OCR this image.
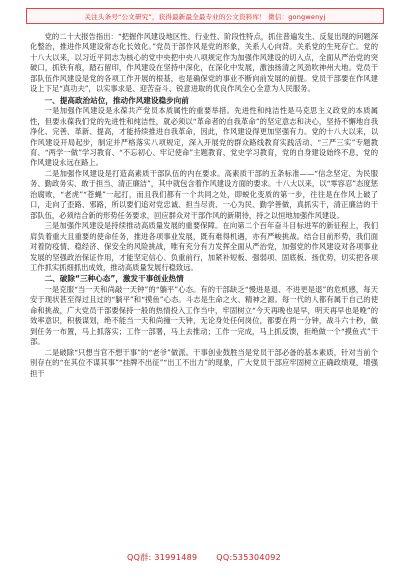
关注头条号“公文研究”，获得最新最全最专业的公文资料库！ 微信：gongwenyj

党的二十大报告指出：“把握作风建设地区性、行业性、阶段性特点，抓住普遍发生、反复出现的问题深化整治，推进作风建设常态化长效化。”党员干部作风是党的形象，关系人心向背。关系党的生死存亡。党的十八大以来，以习近平同志为核心的党中央把中央八项规定作为加强作风建设的切入点，全面从严治党的突破口，抓铁有痕，踏石留印，作风建设在坚持中深化，在深化中发展，激浊扬清之风劲吹神州大地。党员干部队伍作风建设是党的各项工作开展的根基，也是确保党的事业不断向前发展的前提。党员干部要在作风建设上下足“真功夫”，以实事求是、迎苦奋斗、锐意进取的优良作风全心全意为人民服务。

一、提高政治站位，推动作风建设稳步向前

一是加强作风建设是永葆共产党员本质属性的重要举措。先进性和纯洁性是马克思主义政党的本质属性，但要永葆我们党的先进性和纯洁性，就必须以“革命者的自我革命”的坚定意志和决心，坚持不懈地自我净化、完善、革新、提高，才能持续推进自我革命，因此，作风建设得更加坚强有力。党的十八大以来，以作风建设开局起步，制定并严格落实八项规定，深入开展党的群众路线教育实践活动、“三严三实”专题教育、“两学一做”学习教育、“不忘初心、牢记使命”主题教育、党史学习教育，党的自身建设始终不息，党的作风建设永远在路上。

二是加强作风建设是打造高素质干部队伍的内在要求。高素质干部的五条标准——“信念坚定、为民服务、勤政务实、敢于担当、清正廉洁”，其中就包含着作风建设方面的要求。十八大以来，以“零容忍”态度惩治腐败，“老虎”“苍蝇”一起打，而且我们都有一个共同之处，即蜕化变质的第一步，往往是在作风上破了口，走向了歪路、邪路，所以要们追对党忠诚、担当尽责、一心为民、勤学善做，真抓实干，清正廉洁的干部队伍，必须结合新的形势任务要求，回应群众对干部作风的新期待，持之以恒地加强作风建设。

三是加强作风建设是持续推动高质量发展的重要保障。在向第二个百年奋斗目标进军的新征程上，我们肩负着重大且重要的使命任务，推进各项事业发展，既有难得机遇，亦有严峻挑战。结合目前形势，我们面对着防疫情、稳经济、保安全的风险挑战，唯有充分有力发挥全面从严治党，加强党的作风建设对各项事业发展的坚强政治保证作用，才能坚定信心、负重前行，加紧补短板、强弱项、固底板、扬优势，切实把各项工作抓实抓细抓出成效，推动高质量发展行稳致远。

二、破除“三种心态”，激发干事创业热情

一是克服“当一天和尚敲一天钟”的“躺平”心态。有的干部缺乏“慢进是退、不进更是退”的危机感，每天安于现状甚至得过且过的“躺平”和“摸鱼”心态。斗志是生命之火、精神之源。每一代的人都有属于自己的使命和挑战，广大党员干部要保持一般的热情投入工作当中，牢固树立“今天再晚也是早，明天再早也是晚”的效率意识，积极谋划，绝不能当一天和尚撞一天钟，无论身处任何岗位，都要在两一分钟，战斗六十秒，做到任务一布置，马上抓落实；工作一部署，马上去推动；工作一完成，马上抓反馈，拒绝做一个“摸鱼式”干部。

二是破除“只想当官不想干事”的“老爷”做派。干事创业鼓胜当是党员干部必备的基本素质，针对当前个别存在的“在其位不谋其事”“挂牌不出征”“出工不出力”的现象，广大党员干部应牢固树立正确政绩观，增强担干

QQ群: 31991489 QQ:535304092
